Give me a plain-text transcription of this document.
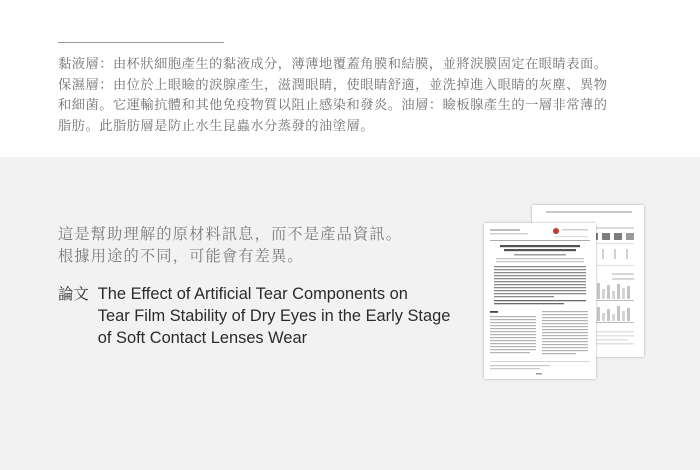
黏液層：由杯狀細胞產生的黏液成分，薄薄地覆蓋角膜和結膜，並將淚膜固定在眼睛表面。
保濕層：由位於上眼瞼的淚腺產生，滋潤眼睛，使眼睛舒適，並洗掉進入眼睛的灰塵、異物
和細菌。它運輸抗體和其他免疫物質以阻止感染和發炎。油層：瞼板腺產生的一層非常薄的
脂肪。此脂肪層是防止水生昆蟲水分蒸發的油塗層。

這是幫助理解的原材料訊息，而不是產品資訊。
根據用途的不同，可能會有差異。

論文 The Effect of Artificial Tear Components on
Tear Film Stability of Dry Eyes in the Early Stage
of Soft Contact Lenses Wear
